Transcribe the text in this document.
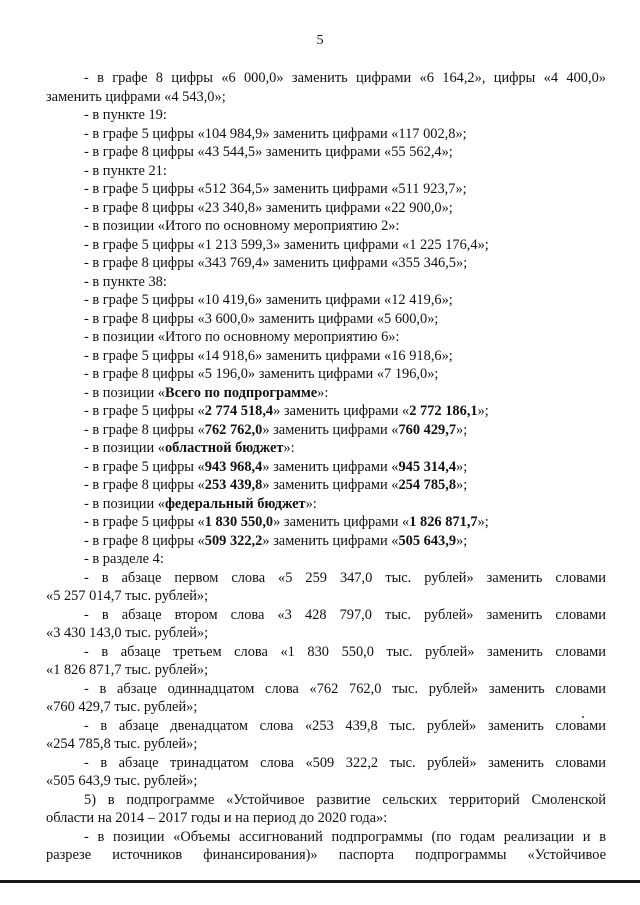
5
- в графе 8 цифры «6 000,0» заменить цифрами «6 164,2», цифры «4 400,0»
заменить цифрами «4 543,0»;
- в пункте 19:
- в графе 5 цифры «104 984,9» заменить цифрами «117 002,8»;
- в графе 8 цифры «43 544,5» заменить цифрами «55 562,4»;
- в пункте 21:
- в графе 5 цифры «512 364,5» заменить цифрами «511 923,7»;
- в графе 8 цифры «23 340,8» заменить цифрами «22 900,0»;
- в позиции «Итого по основному мероприятию 2»:
- в графе 5 цифры «1 213 599,3» заменить цифрами «1 225 176,4»;
- в графе 8 цифры «343 769,4» заменить цифрами «355 346,5»;
- в пункте 38:
- в графе 5 цифры «10 419,6» заменить цифрами «12 419,6»;
- в графе 8 цифры «3 600,0» заменить цифрами «5 600,0»;
- в позиции «Итого по основному мероприятию 6»:
- в графе 5 цифры «14 918,6» заменить цифрами «16 918,6»;
- в графе 8 цифры «5 196,0» заменить цифрами «7 196,0»;
- в позиции «Всего по подпрограмме»:
- в графе 5 цифры «2 774 518,4» заменить цифрами «2 772 186,1»;
- в графе 8 цифры «762 762,0» заменить цифрами «760 429,7»;
- в позиции «областной бюджет»:
- в графе 5 цифры «943 968,4» заменить цифрами «945 314,4»;
- в графе 8 цифры «253 439,8» заменить цифрами «254 785,8»;
- в позиции «федеральный бюджет»:
- в графе 5 цифры «1 830 550,0» заменить цифрами «1 826 871,7»;
- в графе 8 цифры «509 322,2» заменить цифрами «505 643,9»;
- в разделе 4:
- в абзаце первом слова «5 259 347,0 тыс. рублей» заменить словами
«5 257 014,7 тыс. рублей»;
- в абзаце втором слова «3 428 797,0 тыс. рублей» заменить словами
«3 430 143,0 тыс. рублей»;
- в абзаце третьем слова «1 830 550,0 тыс. рублей» заменить словами
«1 826 871,7 тыс. рублей»;
- в абзаце одиннадцатом слова «762 762,0 тыс. рублей» заменить словами
«760 429,7 тыс. рублей»;
- в абзаце двенадцатом слова «253 439,8 тыс. рублей» заменить словами
«254 785,8 тыс. рублей»;
- в абзаце тринадцатом слова «509 322,2 тыс. рублей» заменить словами
«505 643,9 тыс. рублей»;
5) в подпрограмме «Устойчивое развитие сельских территорий Смоленской
области на 2014 – 2017 годы и на период до 2020 года»:
- в позиции «Объемы ассигнований подпрограммы (по годам реализации и в
разрезе источников финансирования)» паспорта подпрограммы «Устойчивое
